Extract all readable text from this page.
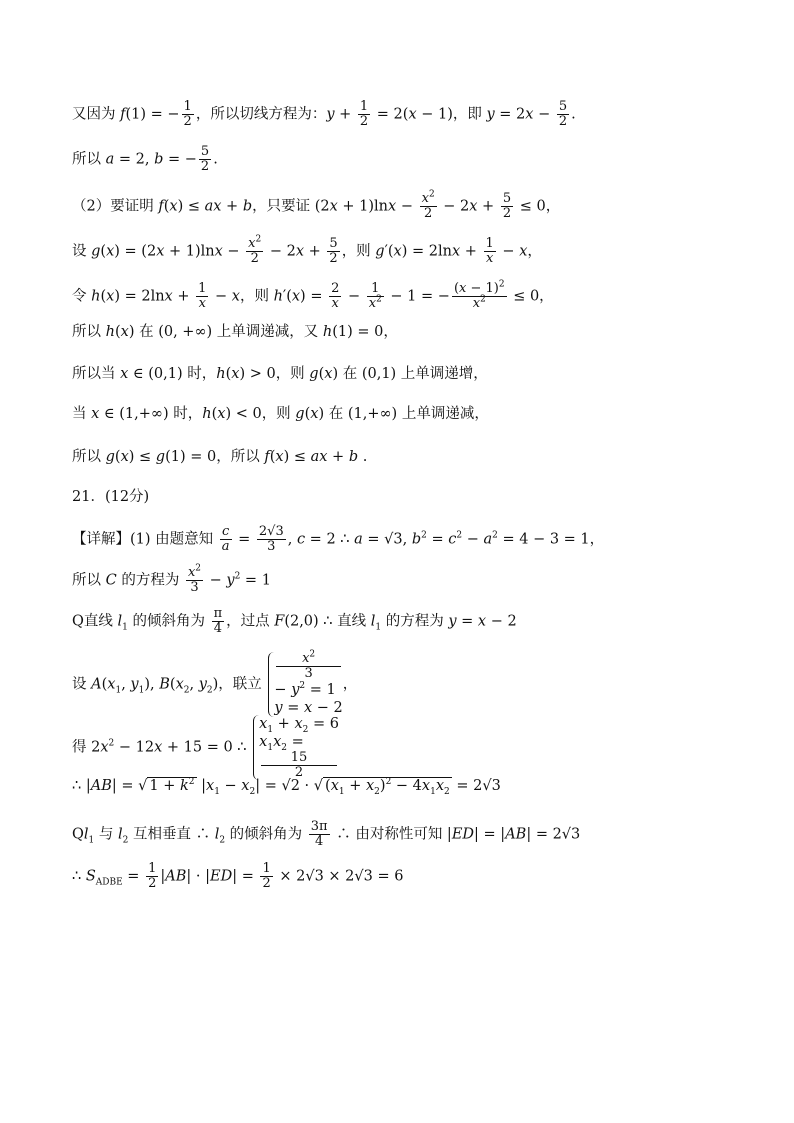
又因为 f(1) = − $\frac{1}{2}$ ，所以切线方程为：$y + \frac{1}{2} = 2(x - 1)$，即 $y = 2x - \frac{5}{2}$ .
所以 a = 2, b = − $\frac{5}{2}$ .
（2）要证明 f(x) ≤ ax + b，只要证 $(2x + 1)\ln x - \frac{x^2}{2} - 2x + \frac{5}{2} \le 0$，
设 $g(x) = (2x + 1)\ln x - \frac{x^2}{2} - 2x + \frac{5}{2}$ ，则 $g'(x) = 2\ln x + \frac{1}{x} - x$，
令 $h(x) = 2\ln x + \frac{1}{x} - x$，则 $h'(x) = \frac{2}{x} - \frac{1}{x^2} - 1$ = − $\frac{(x - 1)^2}{x^2} \le 0$，
所以 h(x) 在 (0, +∞) 上单调递减，又 h(1) = 0，
所以当 x ∈ (0,1) 时，h(x) > 0，则 g(x) 在 (0,1) 上单调递增，
当 x ∈ (1,+∞) 时，h(x) < 0，则 g(x) 在 (1,+∞) 上单调递减，
所以 g(x) ≤ g(1) = 0，所以 f(x) ≤ ax + b .
21．(12分)
【详解】(1) 由题意知 $\frac{c}{a} = \frac{2√3}{3}$ , c = 2 ∴ a = √3, $b^2 = c^2 - a^2 = 4 - 3 = 1$，
所以 C 的方程为 $\frac{x^2}{3} - y^2 = 1$
Q直线 $l_1$ 的倾斜角为 $\frac{\pi}{4}$ ，过点 F(2,0) ∴ 直线 $l_1$ 的方程为 y = x − 2
设 $A(x_1$, $y_1$), $B(x_2$, $y_2$)，联立
$x^2$
3
− $y^2 = 1$
y = x − 2
，
得 $2x^2 - 12x + 15 = 0$ ∴
$x_1 + x_2 = 6$
$x_1x_2$ =
15
2
∴ |AB| = √ $1 + k^2$ $|x_1 - x_2| = √2$ · √ $(x_1 + x_2)^2 - 4x_1x_2 = 2√3$
$Ql_1$ 与 $l_2$ 互相垂直 ∴ $l_2$ 的倾斜角为 $\frac{3\pi}{4}$ ∴ 由对称性可知 |ED| = |AB| = 2√3
∴ $S_{ADBE} = \frac{1}{2} |AB| \cdot |ED| = \frac{1}{2} \times 2√3 \times 2√3 = 6$
